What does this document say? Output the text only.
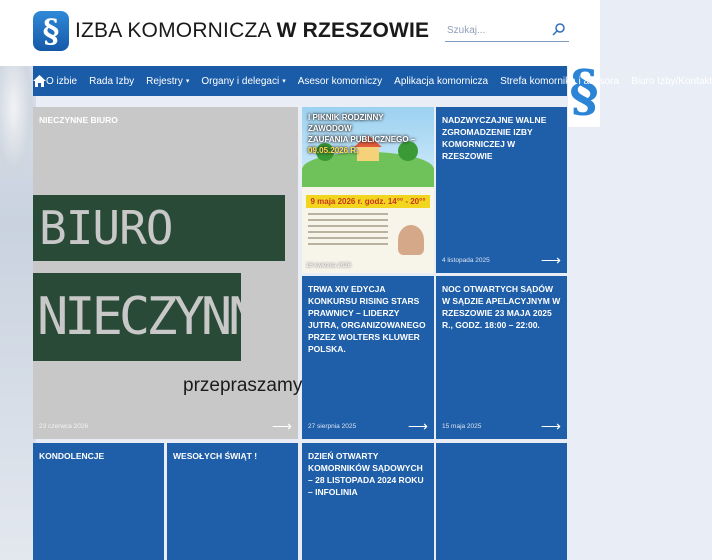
§ IZBA KOMORNICZA W RZESZOWIE
Szukaj...
§
O izbie Rada Izby Rejestry ▾ Organy i delegaci ▾ Asesor komorniczy Aplikacja komornicza Strefa komornika i asesora Biuro Izby/Kontakt
NIECZYNNE BIURO
BIURO
NIECZYNNE
przepraszamy
23 czerwca 2026	⟶
9 maja 2026 r. godz. 14°° - 20°°
I PIKNIK RODZINNY ZAWODOW
ZAUFANIA PUBLICZNEGO –
09.05.2026 R.
16 kwietnia 2026
NADZWYCZAJNE WALNE ZGROMADZENIE IZBY KOMORNICZEJ W RZESZOWIE
4 listopada 2025	⟶
TRWA XIV EDYCJA KONKURSU RISING STARS PRAWNICY – LIDERZY JUTRA, ORGANIZOWANEGO PRZEZ WOLTERS KLUWER POLSKA.
27 sierpnia 2025	⟶
NOC OTWARTYCH SĄDÓW W SĄDZIE APELACYJNYM W RZESZOWIE 23 MAJA 2025 R., GODZ. 18:00 – 22:00.
15 maja 2025	⟶
KONDOLENCJE	WESOŁYCH ŚWIĄT !	DZIEŃ OTWARTY KOMORNIKÓW SĄDOWYCH – 28 LISTOPADA 2024 ROKU – INFOLINIA
